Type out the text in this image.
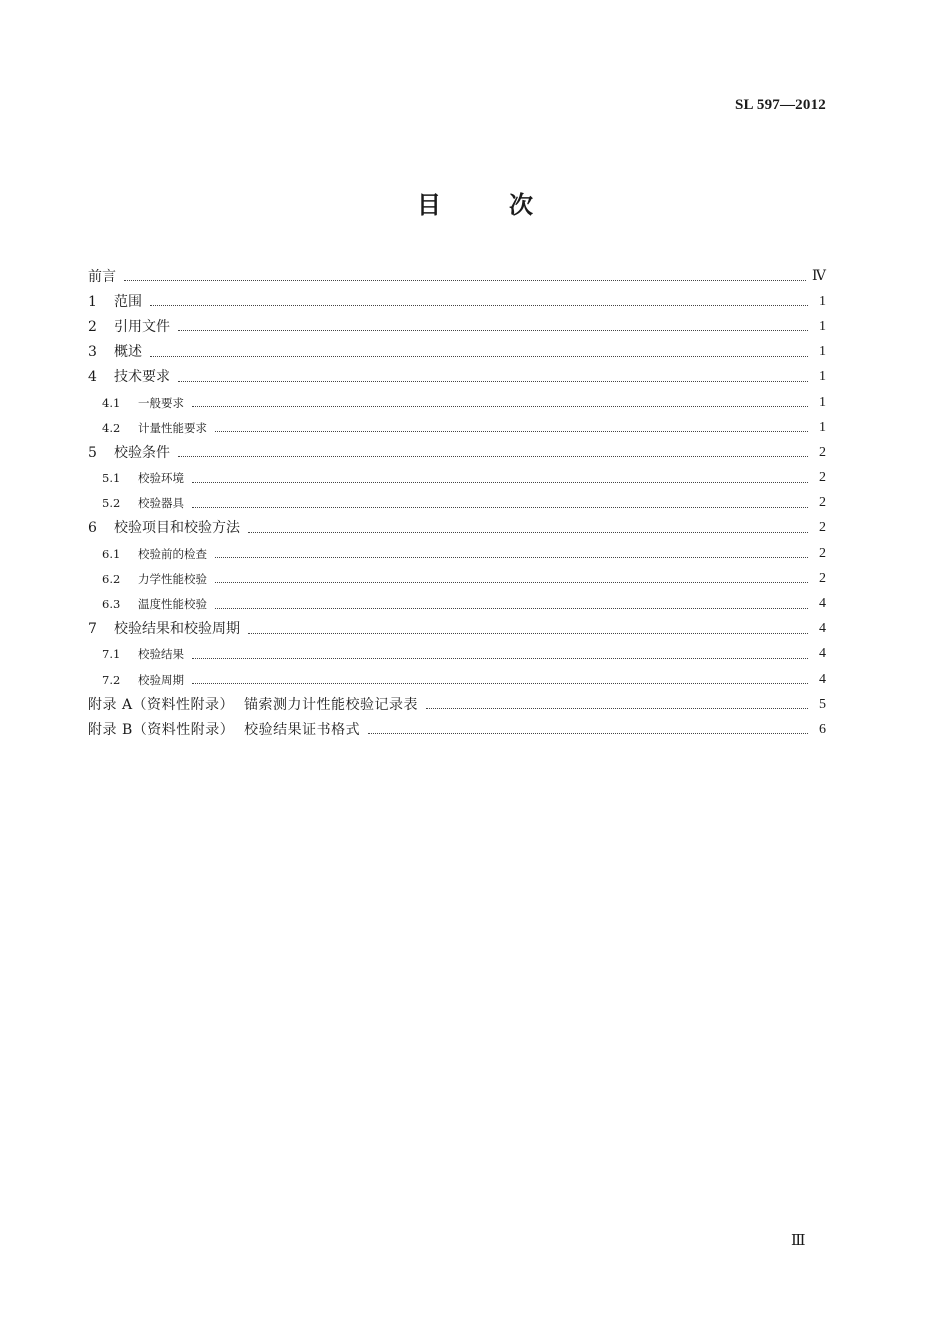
SL 597—2012
目	次
前言	Ⅳ
1	范围	1
2	引用文件	1
3	概述	1
4	技术要求	1
4.1	一般要求	1
4.2	计量性能要求	1
5	校验条件	2
5.1	校验环境	2
5.2	校验器具	2
6	校验项目和校验方法	2
6.1	校验前的检查	2
6.2	力学性能校验	2
6.3	温度性能校验	4
7	校验结果和校验周期	4
7.1	校验结果	4
7.2	校验周期	4
附录 A（资料性附录）  锚索测力计性能校验记录表	5
附录 B（资料性附录）  校验结果证书格式	6
Ⅲ
